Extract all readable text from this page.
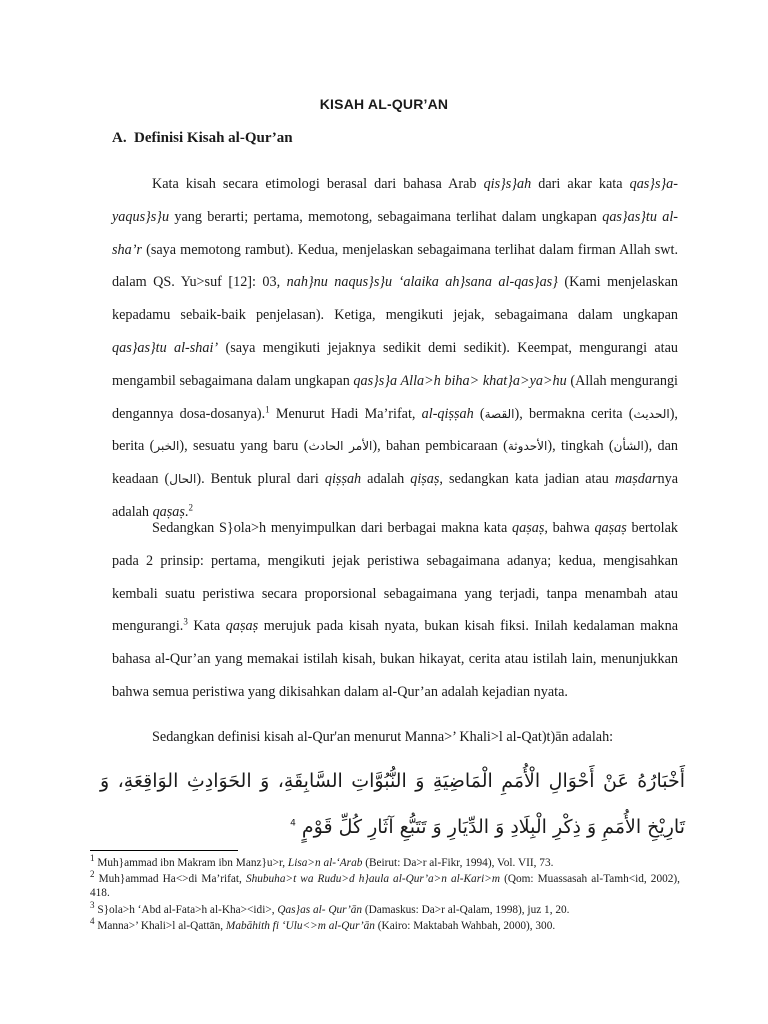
KISAH AL-QUR’AN
A. Definisi Kisah al-Qur’an

Kata kisah secara etimologi berasal dari bahasa Arab qis}s}ah dari akar kata qas}s}a-yaqus}s}u yang berarti; pertama, memotong, sebagaimana terlihat dalam ungkapan qas}as}tu al-sha’r (saya memotong rambut). Kedua, menjelaskan sebagaimana terlihat dalam firman Allah swt. dalam QS. Yu>suf [12]: 03, nah}nu naqus}s}u ‘alaika ah}sana al-qas}as} (Kami menjelaskan kepadamu sebaik-baik penjelasan). Ketiga, mengikuti jejak, sebagaimana dalam ungkapan qas}as}tu al-shai’ (saya mengikuti jejaknya sedikit demi sedikit). Keempat, mengurangi atau mengambil sebagaimana dalam ungkapan qas}s}a Alla>h biha> khat}a>ya>hu (Allah mengurangi dengannya dosa-dosanya).$^1$ Menurut Hadi Ma’rifat, al-qiṣṣah (القصة), bermakna cerita (الحديث), berita (الخبر), sesuatu yang baru (الأمر الحادث), bahan pembicaraan (الأحدوثة), tingkah (الشأن), dan keadaan (الحال). Bentuk plural dari qiṣṣah adalah qiṣaṣ, sedangkan kata jadian atau maṣdarnya adalah qaṣaṣ.$^2$

Sedangkan S}ola>h menyimpulkan dari berbagai makna kata qaṣaṣ, bahwa qaṣaṣ bertolak pada 2 prinsip: pertama, mengikuti jejak peristiwa sebagaimana adanya; kedua, mengisahkan kembali suatu peristiwa secara proporsional sebagaimana yang terjadi, tanpa menambah atau mengurangi.$^3$ Kata qaṣaṣ merujuk pada kisah nyata, bukan kisah fiksi. Inilah kedalaman makna bahasa al-Qur’an yang memakai istilah kisah, bukan hikayat, cerita atau istilah lain, menunjukkan bahwa semua peristiwa yang dikisahkan dalam al-Qur’an adalah kejadian nyata.

Sedangkan definisi kisah al-Qur'an menurut Manna>’ Khali>l al-Qat)t)ān adalah:

أَخْبَارُهُ عَنْ أَحْوَالِ الْأُمَمِ الْمَاضِيَةِ وَ النُّبُوَّاتِ السَّابِقَةِ، وَ الحَوَادِثِ الوَاقِعَةِ، وَ تَارِيْخِ الأُمَمِ وَ ذِكْرِ الْبِلَادِ وَ الدِّيَارِ وَ تَتَبُّعِ آثَارِ كُلِّ قَوْمٍ $^4$

$^1$ Muh}ammad ibn Makram ibn Manz}u>r, Lisa>n al-‘Arab (Beirut: Da>r al-Fikr, 1994), Vol. VII, 73.

$^2$ Muh}ammad Ha<>di Ma’rifat, Shubuha>t wa Rudu>d h}aula al-Qur’a>n al-Kari>m (Qom: Muassasah al-Tamh<id, 2002), 418.

$^3$ S}ola>h ‘Abd al-Fata>h al-Kha><idi>, Qas}as al- Qur’ān (Damaskus: Da>r al-Qalam, 1998), juz 1, 20.

$^4$ Manna>’ Khali>l al-Qattān, Mabāhith fi ‘Ulu<>m al-Qur’ān (Kairo: Maktabah Wahbah, 2000), 300.
